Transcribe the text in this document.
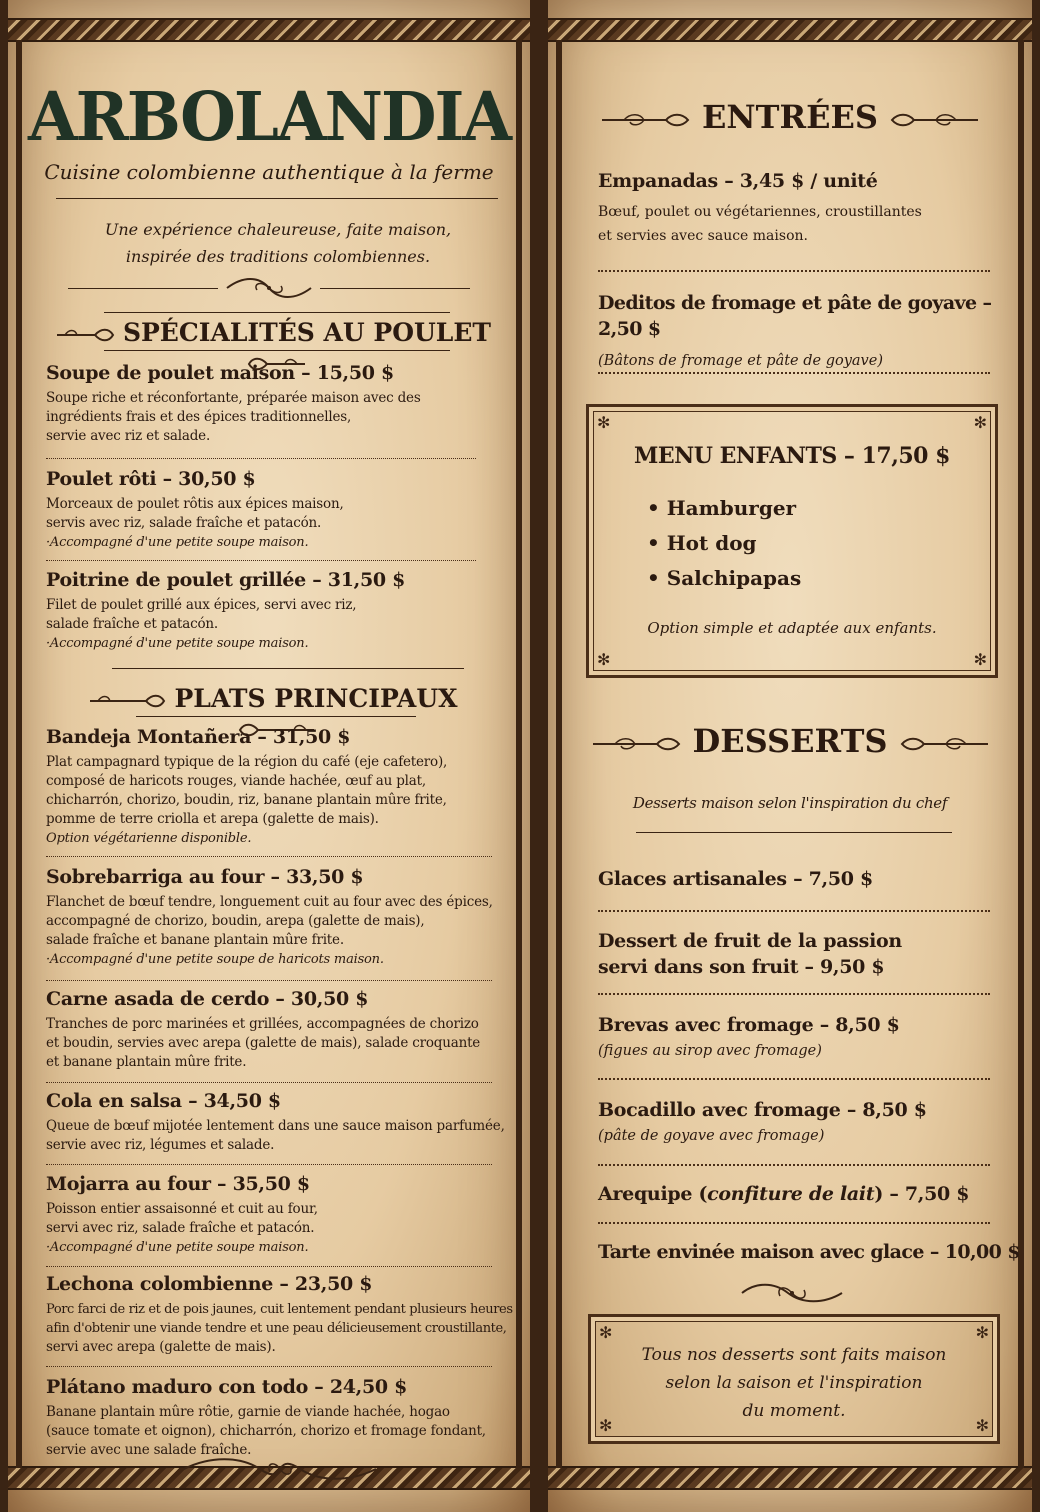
ARBOLANDIA
Cuisine colombienne authentique à la ferme
Une expérience chaleureuse, faite maison,
inspirée des traditions colombiennes.
SPÉCIALITÉS AU POULET
Soupe de poulet maison – 15,50 $
Soupe riche et réconfortante, préparée maison avec des
ingrédients frais et des épices traditionnelles,
servie avec riz et salade.
Poulet rôti – 30,50 $
Morceaux de poulet rôtis aux épices maison,
servis avec riz, salade fraîche et patacón.
·Accompagné d'une petite soupe maison.
Poitrine de poulet grillée – 31,50 $
Filet de poulet grillé aux épices, servi avec riz,
salade fraîche et patacón.
·Accompagné d'une petite soupe maison.
PLATS PRINCIPAUX
Bandeja Montañera – 31,50 $
Plat campagnard typique de la région du café (eje cafetero),
composé de haricots rouges, viande hachée, œuf au plat,
chicharrón, chorizo, boudin, riz, banane plantain mûre frite,
pomme de terre criolla et arepa (galette de mais).
Option végétarienne disponible.
Sobrebarriga au four – 33,50 $
Flanchet de bœuf tendre, longuement cuit au four avec des épices,
accompagné de chorizo, boudin, arepa (galette de mais),
salade fraîche et banane plantain mûre frite.
·Accompagné d'une petite soupe de haricots maison.
Carne asada de cerdo – 30,50 $
Tranches de porc marinées et grillées, accompagnées de chorizo
et boudin, servies avec arepa (galette de mais), salade croquante
et banane plantain mûre frite.
Cola en salsa – 34,50 $
Queue de bœuf mijotée lentement dans une sauce maison parfumée,
servie avec riz, légumes et salade.
Mojarra au four – 35,50 $
Poisson entier assaisonné et cuit au four,
servi avec riz, salade fraîche et patacón.
·Accompagné d'une petite soupe maison.
Lechona colombienne – 23,50 $
Porc farci de riz et de pois jaunes, cuit lentement pendant plusieurs heures
afin d'obtenir une viande tendre et une peau délicieusement croustillante,
servi avec arepa (galette de mais).
Plátano maduro con todo – 24,50 $
Banane plantain mûre rôtie, garnie de viande hachée, hogao
(sauce tomate et oignon), chicharrón, chorizo et fromage fondant,
servie avec une salade fraîche.
ENTRÉES
Empanadas – 3,45 $ / unité
Bœuf, poulet ou végétariennes, croustillantes
et servies avec sauce maison.
Deditos de fromage et pâte de goyave – 2,50 $
(Bâtons de fromage et pâte de goyave)
✻	✻
✻	✻
MENU ENFANTS – 17,50 $
• Hamburger
• Hot dog
• Salchipapas
Option simple et adaptée aux enfants.
DESSERTS
Desserts maison selon l'inspiration du chef
Glaces artisanales – 7,50 $
Dessert de fruit de la passion
servi dans son fruit – 9,50 $
Brevas avec fromage – 8,50 $
(figues au sirop avec fromage)
Bocadillo avec fromage – 8,50 $
(pâte de goyave avec fromage)
Arequipe (confiture de lait) – 7,50 $
Tarte envinée maison avec glace – 10,00 $
✻	✻
✻	✻
Tous nos desserts sont faits maison
selon la saison et l'inspiration
du moment.
